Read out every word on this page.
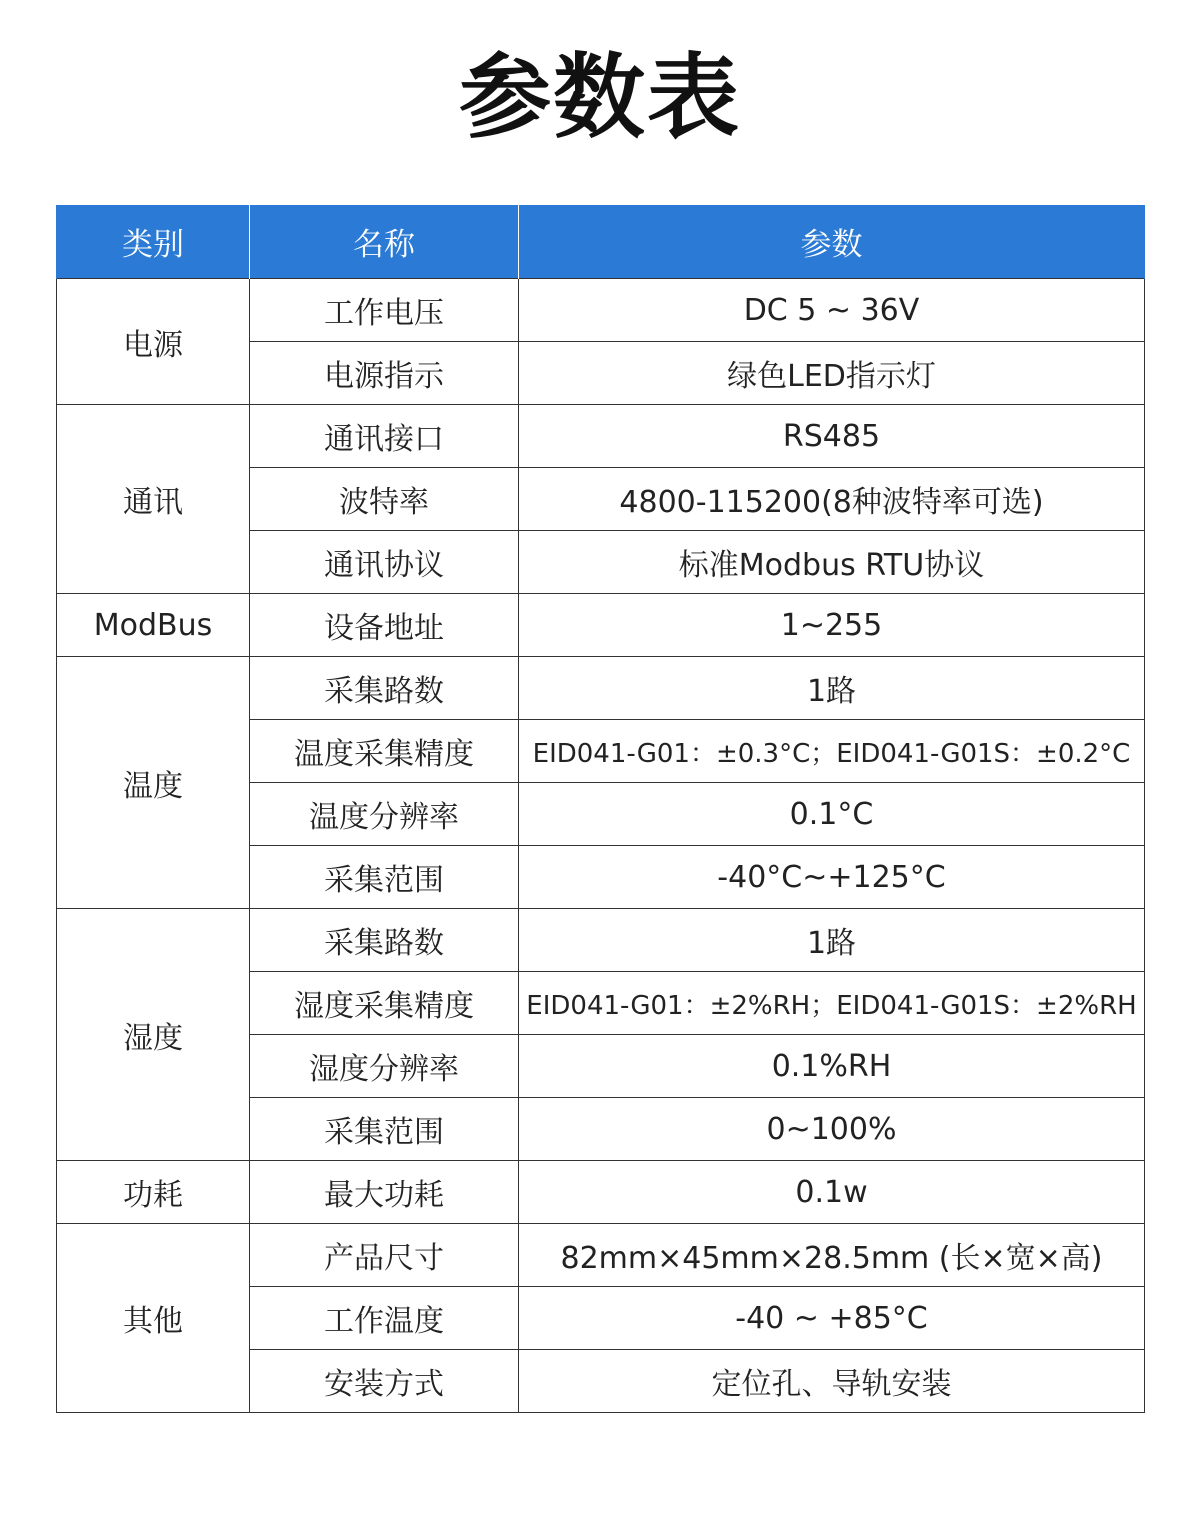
参数表
类别	名称	参数
电源	工作电压	DC 5 ~ 36V
	电源指示	绿色LED指示灯
通讯	通讯接口	RS485
	波特率	4800-115200(8种波特率可选)
	通讯协议	标准Modbus RTU协议
ModBus	设备地址	1~255
温度	采集路数	1路
	温度采集精度	EID041-G01：±0.3°C；EID041-G01S：±0.2°C
	温度分辨率	0.1°C
	采集范围	-40°C~+125°C
湿度	采集路数	1路
	湿度采集精度	EID041-G01：±2%RH；EID041-G01S：±2%RH
	湿度分辨率	0.1%RH
	采集范围	0~100%
功耗	最大功耗	0.1w
其他	产品尺寸	82mm×45mm×28.5mm (长×宽×高)
	工作温度	-40 ~ +85°C
	安装方式	定位孔、导轨安装
